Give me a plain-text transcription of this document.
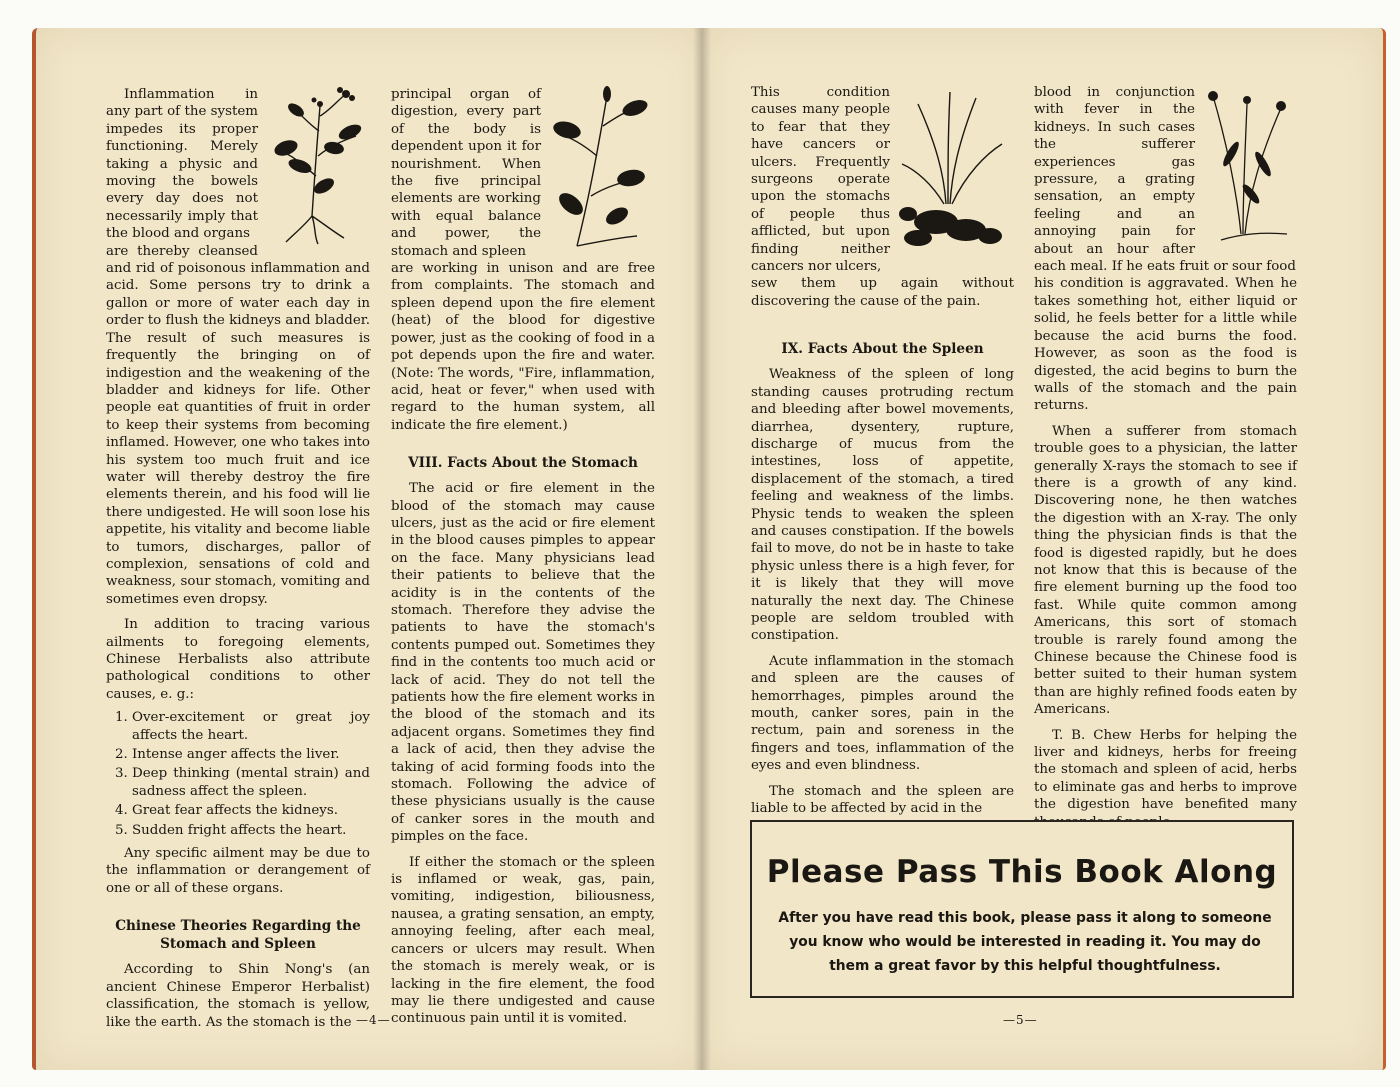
Inflammation in any part of the system impedes its proper functioning. Merely taking a physic and moving the bowels every day does not necessarily imply that the blood and organs

are thereby cleansed and rid of poisonous inflammation and acid. Some persons try to drink a gallon or more of water each day in order to flush the kidneys and bladder. The result of such measures is frequently the bringing on of indigestion and the weakening of the bladder and kidneys for life. Other people eat quantities of fruit in order to keep their systems from becoming inflamed. However, one who takes into his system too much fruit and ice water will thereby destroy the fire elements therein, and his food will lie there undigested. He will soon lose his appetite, his vitality and become liable to tumors, discharges, pallor of complexion, sensations of cold and weakness, sour stomach, vomiting and sometimes even dropsy.

In addition to tracing various ailments to foregoing elements, Chinese Herbalists also attribute pathological conditions to other causes, e. g.:

1. Over-excitement or great joy affects the heart.
2. Intense anger affects the liver.
3. Deep thinking (mental strain) and sadness affect the spleen.
4. Great fear affects the kidneys.
5. Sudden fright affects the heart.

Any specific ailment may be due to the inflammation or derangement of one or all of these organs.

Chinese Theories Regarding the Stomach and Spleen

According to Shin Nong's (an ancient Chinese Emperor Herbalist) classification, the stomach is yellow, like the earth. As the stomach is the

principal organ of digestion, every part of the body is dependent upon it for nourishment. When the five principal elements are working with equal balance and power, the stomach and spleen

are working in unison and are free from complaints. The stomach and spleen depend upon the fire element (heat) of the blood for digestive power, just as the cooking of food in a pot depends upon the fire and water. (Note: The words, "Fire, inflammation, acid, heat or fever," when used with regard to the human system, all indicate the fire element.)

VIII. Facts About the Stomach

The acid or fire element in the blood of the stomach may cause ulcers, just as the acid or fire element in the blood causes pimples to appear on the face. Many physicians lead their patients to believe that the acidity is in the contents of the stomach. Therefore they advise the patients to have the stomach's contents pumped out. Sometimes they find in the contents too much acid or lack of acid. They do not tell the patients how the fire element works in the blood of the stomach and its adjacent organs. Sometimes they find a lack of acid, then they advise the taking of acid forming foods into the stomach. Following the advice of these physicians usually is the cause of canker sores in the mouth and pimples on the face.

If either the stomach or the spleen is inflamed or weak, gas, pain, vomiting, indigestion, biliousness, nausea, a grating sensation, an empty, annoying feeling, after each meal, cancers or ulcers may result. When the stomach is merely weak, or is lacking in the fire element, the food may lie there undigested and cause continuous pain until it is vomited.

—4—

This condition causes many people to fear that they have cancers or ulcers. Frequently surgeons operate upon the stomachs of people thus afflicted, but upon finding neither cancers nor ulcers,

sew them up again without discovering the cause of the pain.

IX. Facts About the Spleen

Weakness of the spleen of long standing causes protruding rectum and bleeding after bowel movements, diarrhea, dysentery, rupture, discharge of mucus from the intestines, loss of appetite, displacement of the stomach, a tired feeling and weakness of the limbs. Physic tends to weaken the spleen and causes constipation. If the bowels fail to move, do not be in haste to take physic unless there is a high fever, for it is likely that they will move naturally the next day. The Chinese people are seldom troubled with constipation.

Acute inflammation in the stomach and spleen are the causes of hemorrhages, pimples around the mouth, canker sores, pain in the rectum, pain and soreness in the fingers and toes, inflammation of the eyes and even blindness.

The stomach and the spleen are liable to be affected by acid in the

blood in conjunction with fever in the kidneys. In such cases the sufferer experiences gas pressure, a grating sensation, an empty feeling and an annoying pain for about an hour after each meal. If he eats fruit or sour food

his condition is aggravated. When he takes something hot, either liquid or solid, he feels better for a little while because the acid burns the food. However, as soon as the food is digested, the acid begins to burn the walls of the stomach and the pain returns.

When a sufferer from stomach trouble goes to a physician, the latter generally X-rays the stomach to see if there is a growth of any kind. Discovering none, he then watches the digestion with an X-ray. The only thing the physician finds is that the food is digested rapidly, but he does not know that this is because of the fire element burning up the food too fast. While quite common among Americans, this sort of stomach trouble is rarely found among the Chinese because the Chinese food is better suited to their human system than are highly refined foods eaten by Americans.

T. B. Chew Herbs for helping the liver and kidneys, herbs for freeing the stomach and spleen of acid, herbs to eliminate gas and herbs to improve the digestion have benefited many

Please Pass This Book Along
After you have read this book, please pass it along to someone you know who would be interested in reading it. You may do them a great favor by this helpful thoughtfulness.
—5—
